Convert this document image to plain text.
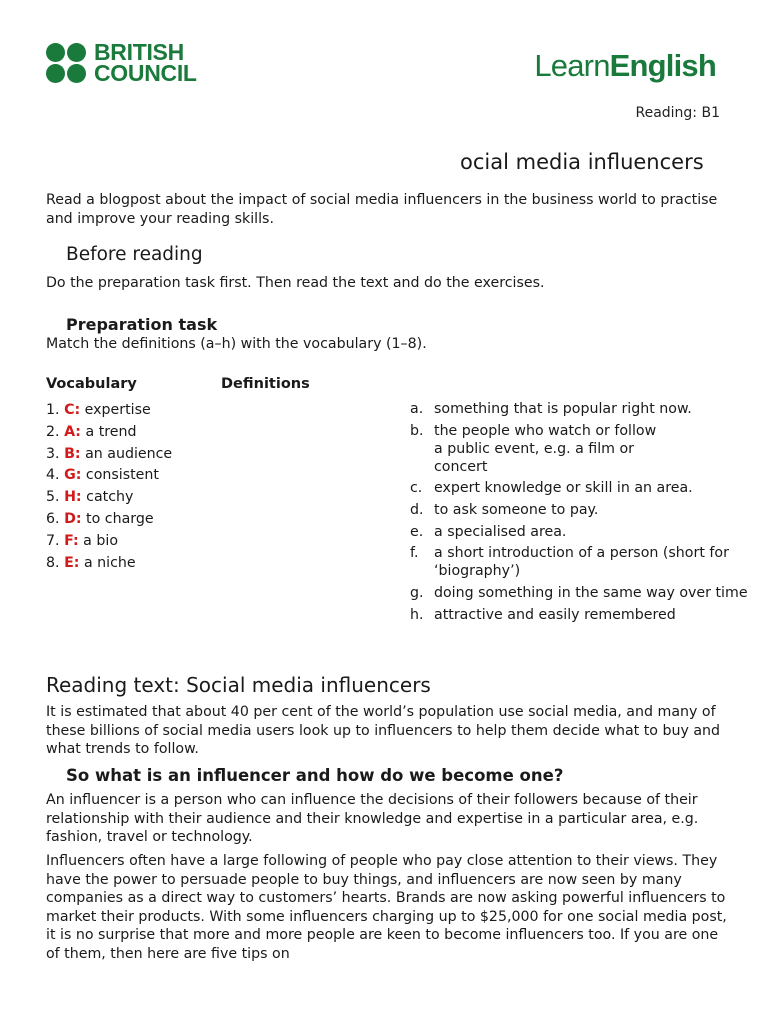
BRITISH
COUNCIL	LearnEnglish
Reading: B1
ocial media influencers
Read a blogpost about the impact of social media influencers in the business world to practise and improve your reading skills.
Before reading
Do the preparation task first. Then read the text and do the exercises.
Preparation task
Match the definitions (a–h) with the vocabulary (1–8).
Vocabulary	Definitions
1. C: expertise
2. A: a trend
3. B: an audience
4. G: consistent
5. H: catchy
6. D: to charge
7. F: a bio
8. E: a niche
a. something that is popular right now.
b. the people who watch or follow a public event, e.g. a film or concert
c. expert knowledge or skill in an area.
d. to ask someone to pay.
e. a specialised area.
f.	a short introduction of a person (short for ‘biography’)
g. doing something in the same way over time
h. attractive and easily remembered
Reading text: Social media influencers
It is estimated that about 40 per cent of the world’s population use social media, and many of these billions of social media users look up to influencers to help them decide what to buy and what trends to follow.
So what is an influencer and how do we become one?
An influencer is a person who can influence the decisions of their followers because of their relationship with their audience and their knowledge and expertise in a particular area, e.g. fashion, travel or technology.
Influencers often have a large following of people who pay close attention to their views. They have the power to persuade people to buy things, and influencers are now seen by many companies as a direct way to customers’ hearts. Brands are now asking powerful influencers to market their products. With some influencers charging up to $25,000 for one social media post, it is no surprise that more and more people are keen to become influencers too. If you are one of them, then here are five tips on
